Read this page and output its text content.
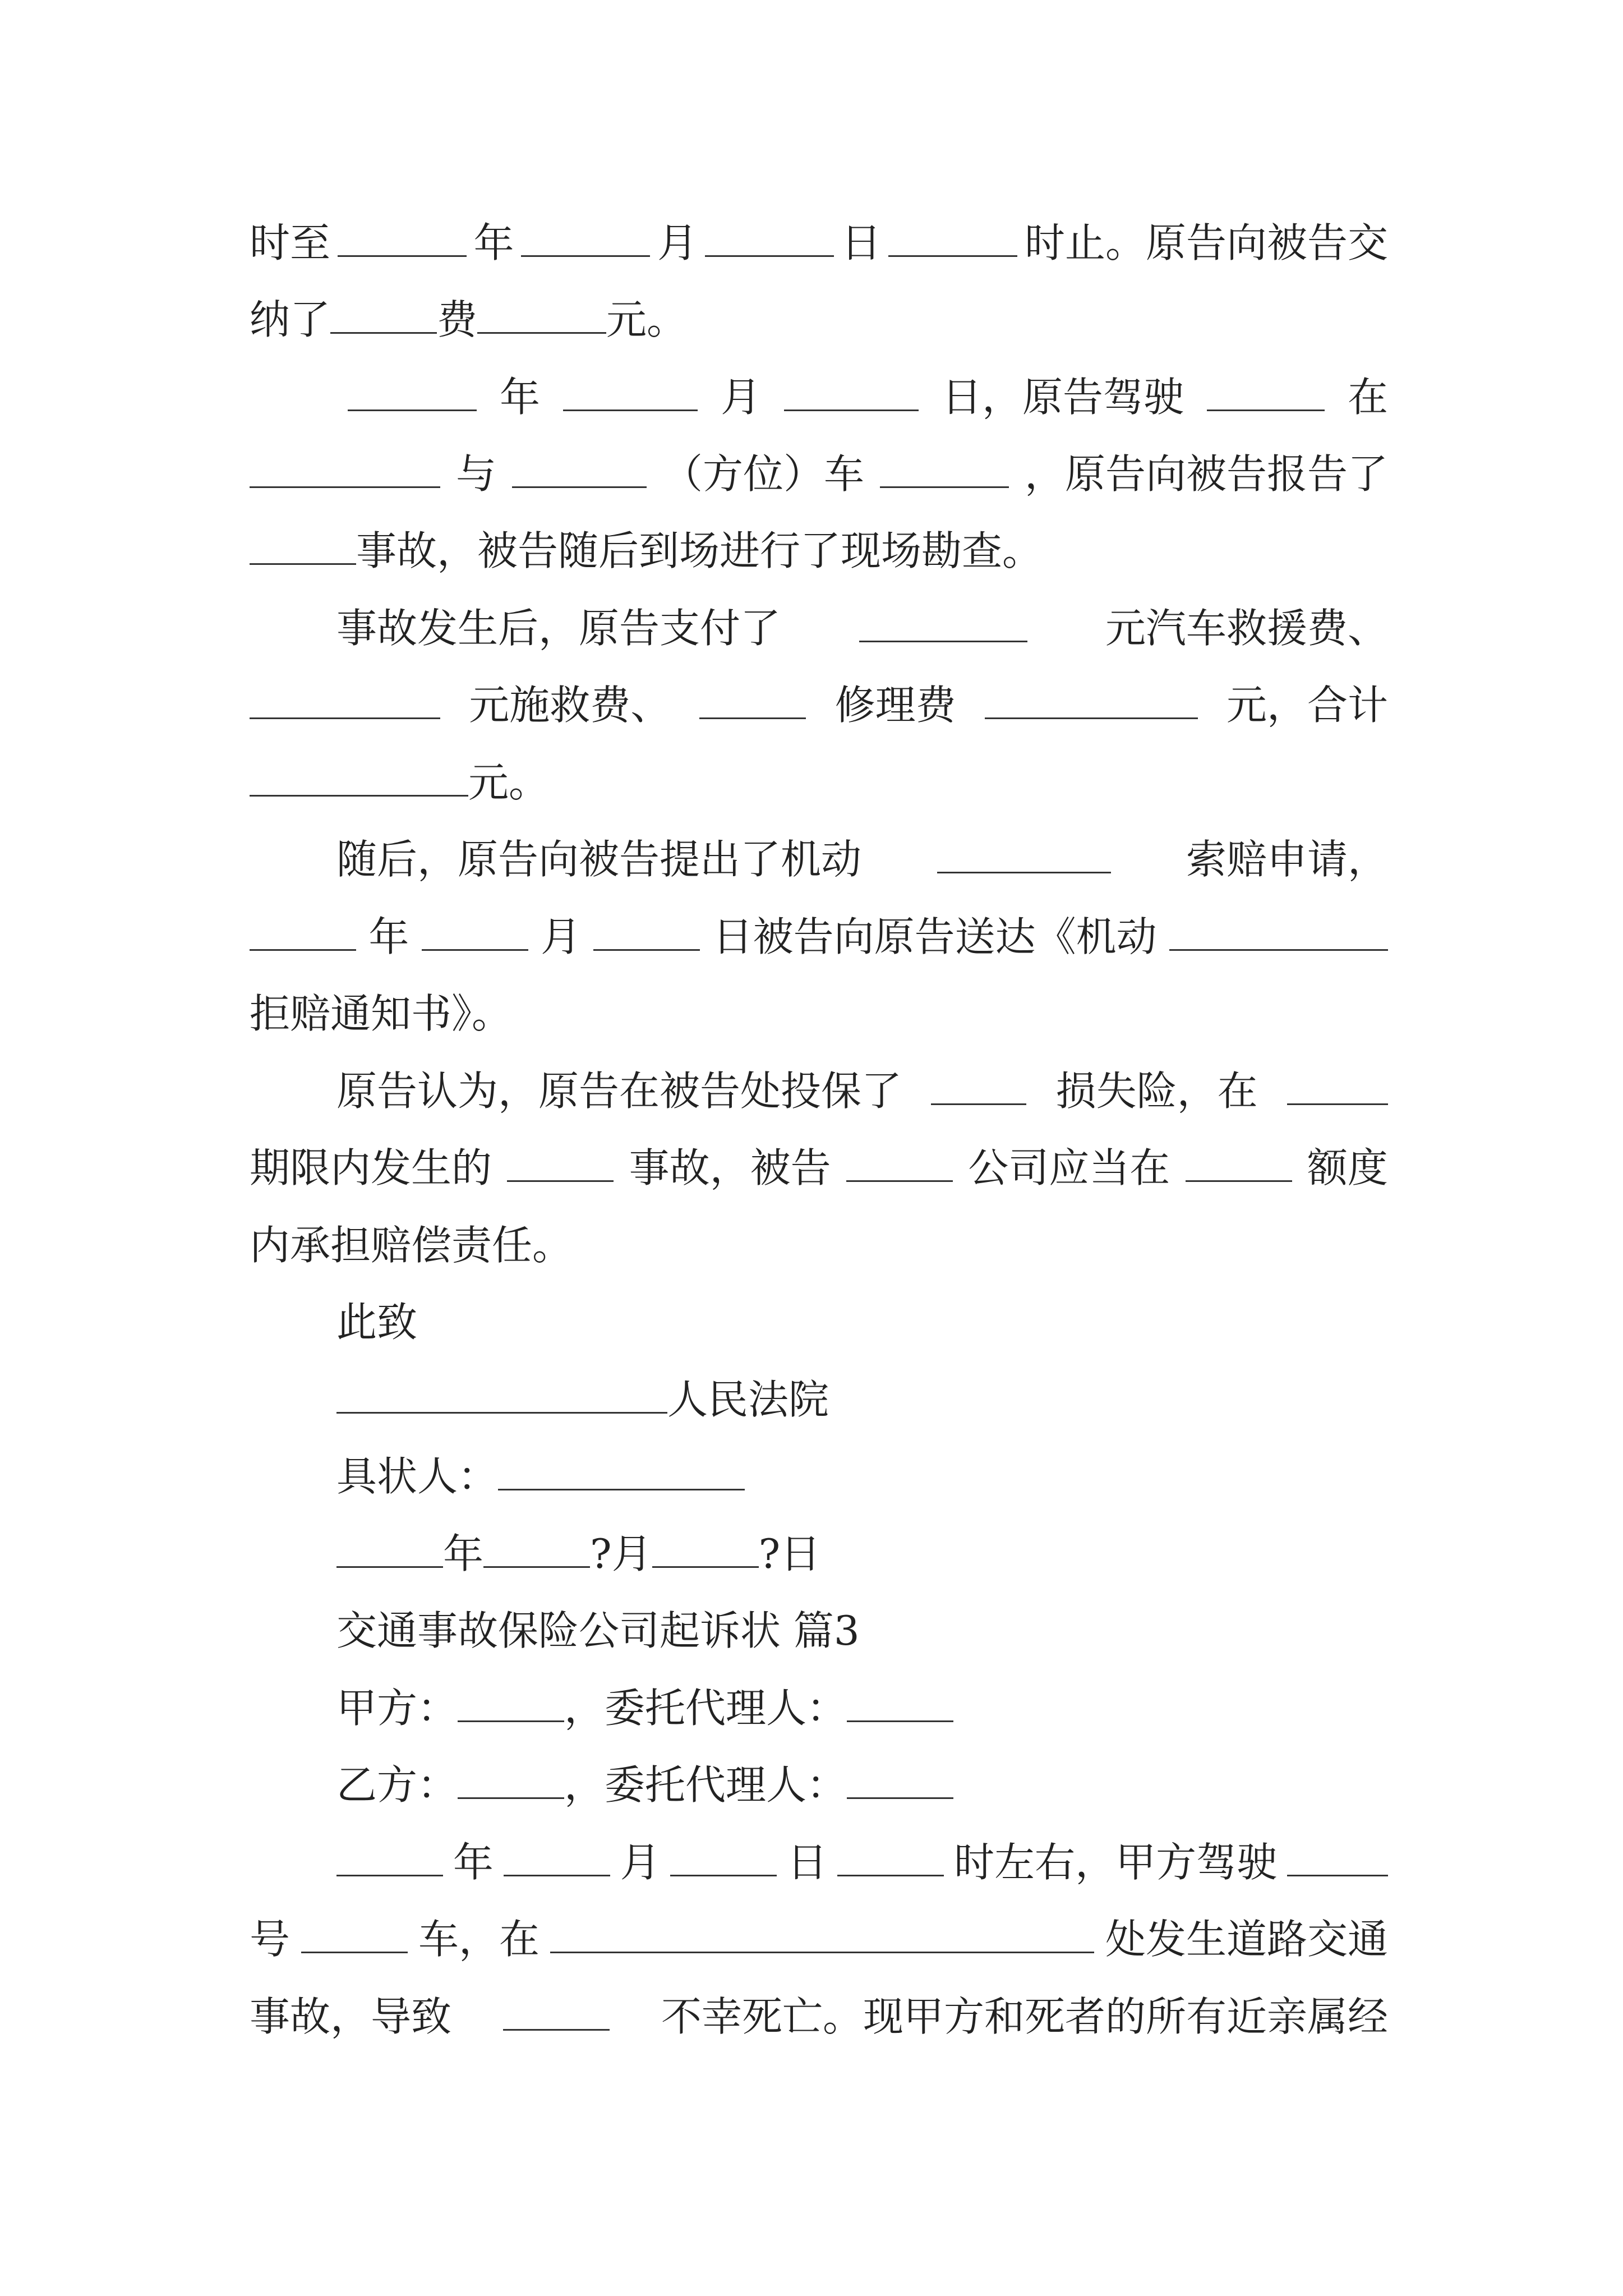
时至	年	月	日	时止。原告向被告交
纳了	费	元。
年	月	日，原告驾驶	在
与	（方位）车	，原告向被告报告了
事故，被告随后到场进行了现场勘查。
事故发生后，原告支付了	元汽车救援费、
元施救费、	修理费	元，合计
元。
随后，原告向被告提出了机动	索赔申请，
年	月	日被告向原告送达《机动
拒赔通知书》。
原告认为，原告在被告处投保了	损失险，在
期限内发生的	事故，被告	公司应当在	额度
内承担赔偿责任。
此致
人民法院
具状人：
年	?月	?日
交通事故保险公司起诉状 篇3
甲方：	，委托代理人：
乙方：	，委托代理人：
年	月	日	时左右，甲方驾驶
号	车，在	处发生道路交通
事故，导致	不幸死亡。现甲方和死者的所有近亲属经
